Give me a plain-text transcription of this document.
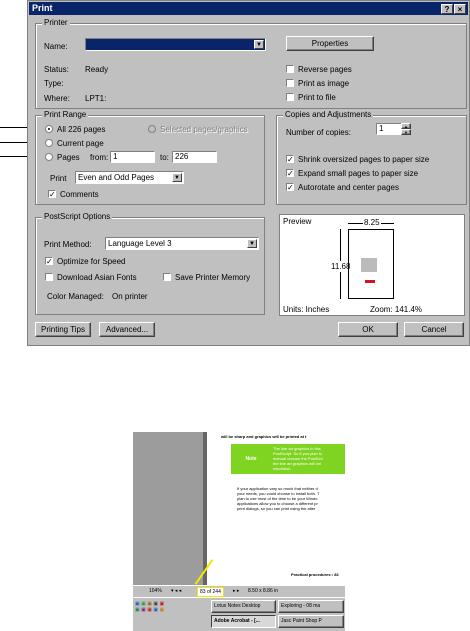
Print	?	×
Printer
Name:	▼	Properties
Status: Ready
Type:
Where: LPT1:
Reverse pages
Print as image
Print to file
Print Range
All 226 pages	Selected pages/graphics
Current page
Pages from: 1	to: 226
Print	Even and Odd Pages	▼
✓ Comments
Copies and Adjustments
Number of copies:	1	▲
▼
✓ Shrink oversized pages to paper size
✓ Expand small pages to paper size
✓ Autorotate and center pages
PostScript Options
Print Method:	Language Level 3	▼
✓ Optimize for Speed
Download Asian Fonts	Save Printer Memory
Color Managed: On printer
Preview	8.25
11.68
Units: Inches	Zoom: 141.4%
Printing Tips	Advanced...	OK	Cancel
will be sharp and graphics will be printed at t
Note
The line art graphics in this
PostScript. So if you plan to
manual choose the PostScri
the line art graphics will onl
resolution.
If your application vary so much that neither d
your needs, you could choose to install both. T
plan to use most of the time to be your Windo
applications allow you to choose a different pr
print dialogs, so you can print using the alter
Practical procedures • 83
104% ▾ ◂ ◂	83 of 244	▸ ▸ 8.50 x 8.86 in
▣ ▣ ▣ ▣ ▣
▣ ▣ ▣ ▣ ▣
Lotus Notes Desktop	Exploring - 08 ma
Adobe Acrobat - [...	Jasc Paint Shop P
